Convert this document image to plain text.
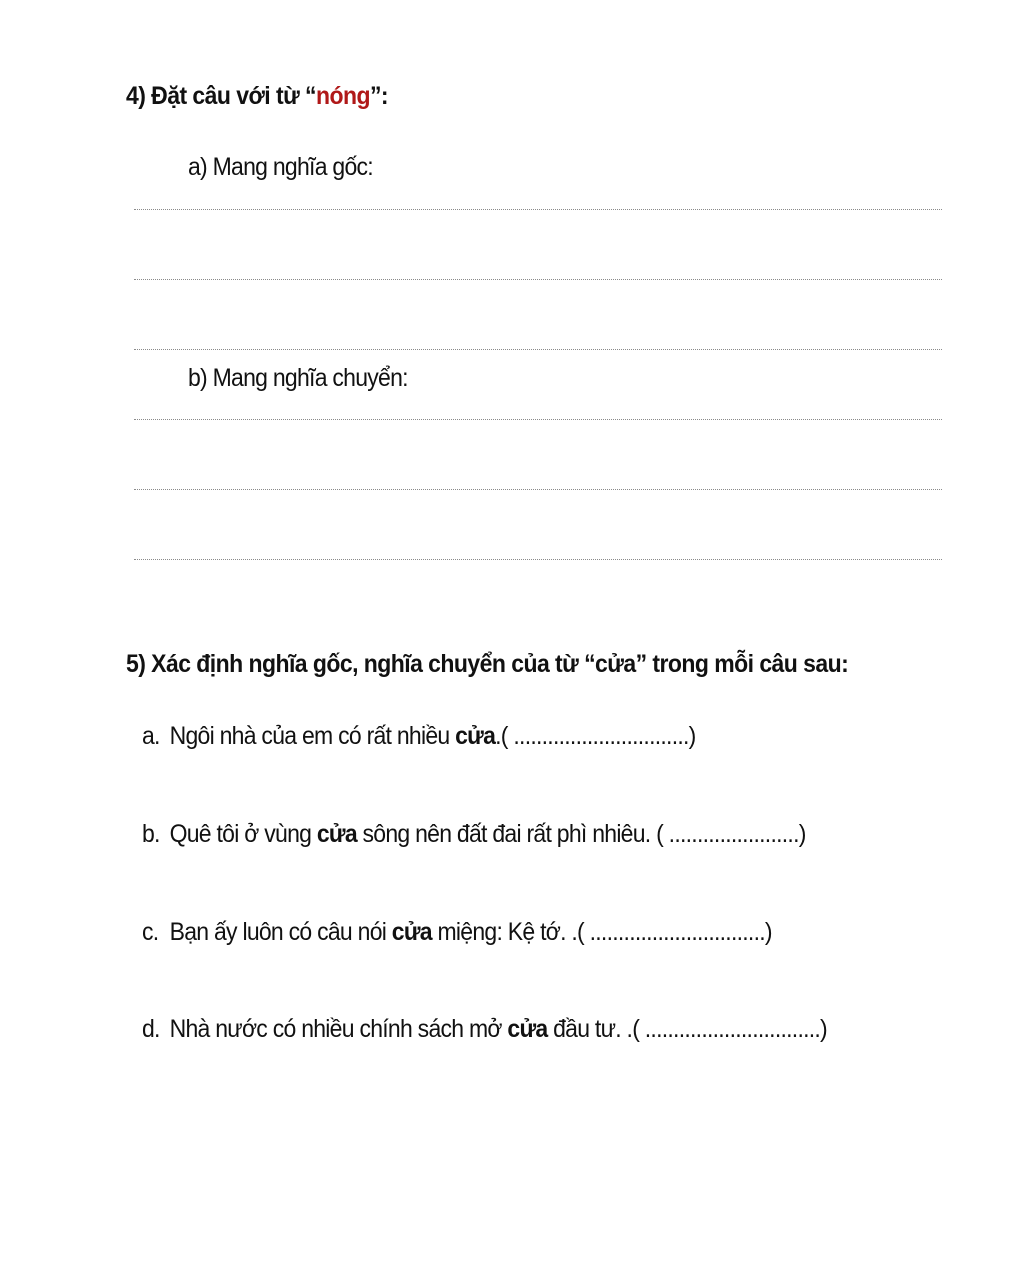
4) Đặt câu với từ “nóng”:
a) Mang nghĩa gốc:
b) Mang nghĩa chuyển:
5) Xác định nghĩa gốc, nghĩa chuyển của từ “cửa” trong mỗi câu sau:
a. Ngôi nhà của em có rất nhiều cửa.( ...............................)
b. Quê tôi ở vùng cửa sông nên đất đai rất phì nhiêu. ( .......................)
c. Bạn ấy luôn có câu nói cửa miệng: Kệ tớ. .( ...............................)
d. Nhà nước có nhiều chính sách mở cửa đầu tư. .( ...............................)
